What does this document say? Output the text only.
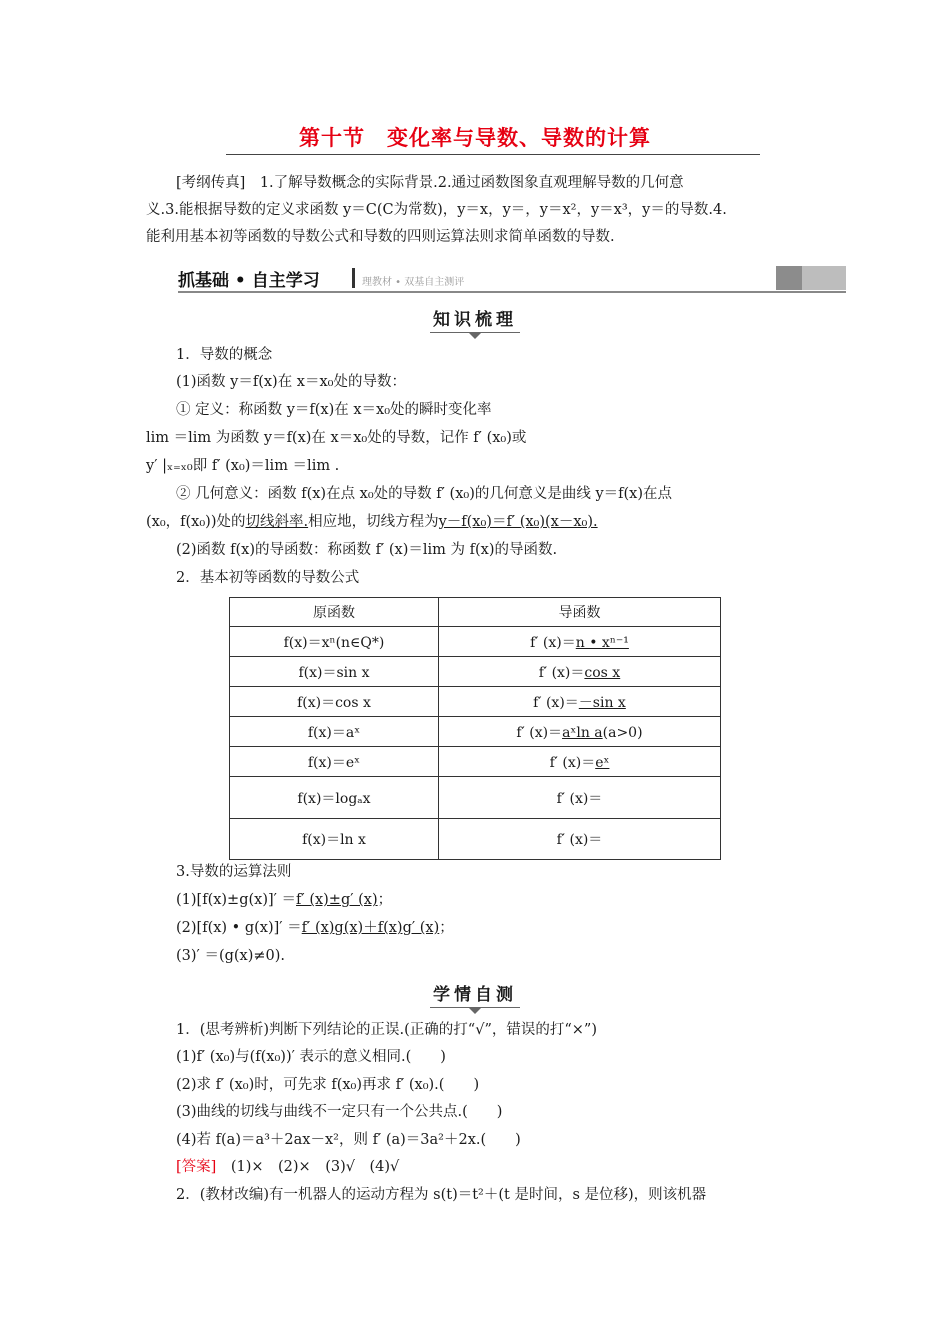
第十节　变化率与导数、导数的计算
[考纲传真]　1.了解导数概念的实际背景.2.通过函数图象直观理解导数的几何意
义.3.能根据导数的定义求函数 y＝C(C为常数)，y＝x，y＝，y＝x²，y＝x³，y＝的导数.4.
能利用基本初等函数的导数公式和导数的四则运算法则求简单函数的导数.
抓基础 • 自主学习	理教材 • 双基自主测评
知识梳理
1．导数的概念
(1)函数 y＝f(x)在 x＝x₀处的导数：
① 定义：称函数 y＝f(x)在 x＝x₀处的瞬时变化率
lim ＝lim 为函数 y＝f(x)在 x＝x₀处的导数，记作 f′ (x₀)或
y′ |ₓ₌ₓ₀即 f′ (x₀)＝lim ＝lim .
② 几何意义：函数 f(x)在点 x₀处的导数 f′ (x₀)的几何意义是曲线 y＝f(x)在点
(x₀，f(x₀))处的切线斜率.相应地，切线方程为y－f(x₀)＝f′ (x₀)(x－x₀).
(2)函数 f(x)的导函数：称函数 f′ (x)＝lim 为 f(x)的导函数.
2．基本初等函数的导数公式
原函数	导函数
f(x)＝xⁿ(n∈Q*)	f′ (x)＝n • xⁿ⁻¹
f(x)＝sin x	f′ (x)＝cos x
f(x)＝cos x	f′ (x)＝－sin x
f(x)＝aˣ	f′ (x)＝aˣln a(a>0)
f(x)＝eˣ	f′ (x)＝eˣ
f(x)＝logₐx	f′ (x)＝
f(x)＝ln x	f′ (x)＝
3.导数的运算法则
(1)[f(x)±g(x)]′ ＝f′ (x)±g′ (x)；
(2)[f(x) • g(x)]′ ＝f′ (x)g(x)＋f(x)g′ (x)；
(3)′ ＝(g(x)≠0).
学情自测
1．(思考辨析)判断下列结论的正误.(正确的打“√”，错误的打“×”)
(1)f′ (x₀)与(f(x₀))′ 表示的意义相同.(　　)
(2)求 f′ (x₀)时，可先求 f(x₀)再求 f′ (x₀).(　　)
(3)曲线的切线与曲线不一定只有一个公共点.(　　)
(4)若 f(a)＝a³＋2ax－x²，则 f′ (a)＝3a²＋2x.(　　)
[答案]　(1)×　(2)×　(3)√　(4)√
2．(教材改编)有一机器人的运动方程为 s(t)＝t²＋(t 是时间，s 是位移)，则该机器
